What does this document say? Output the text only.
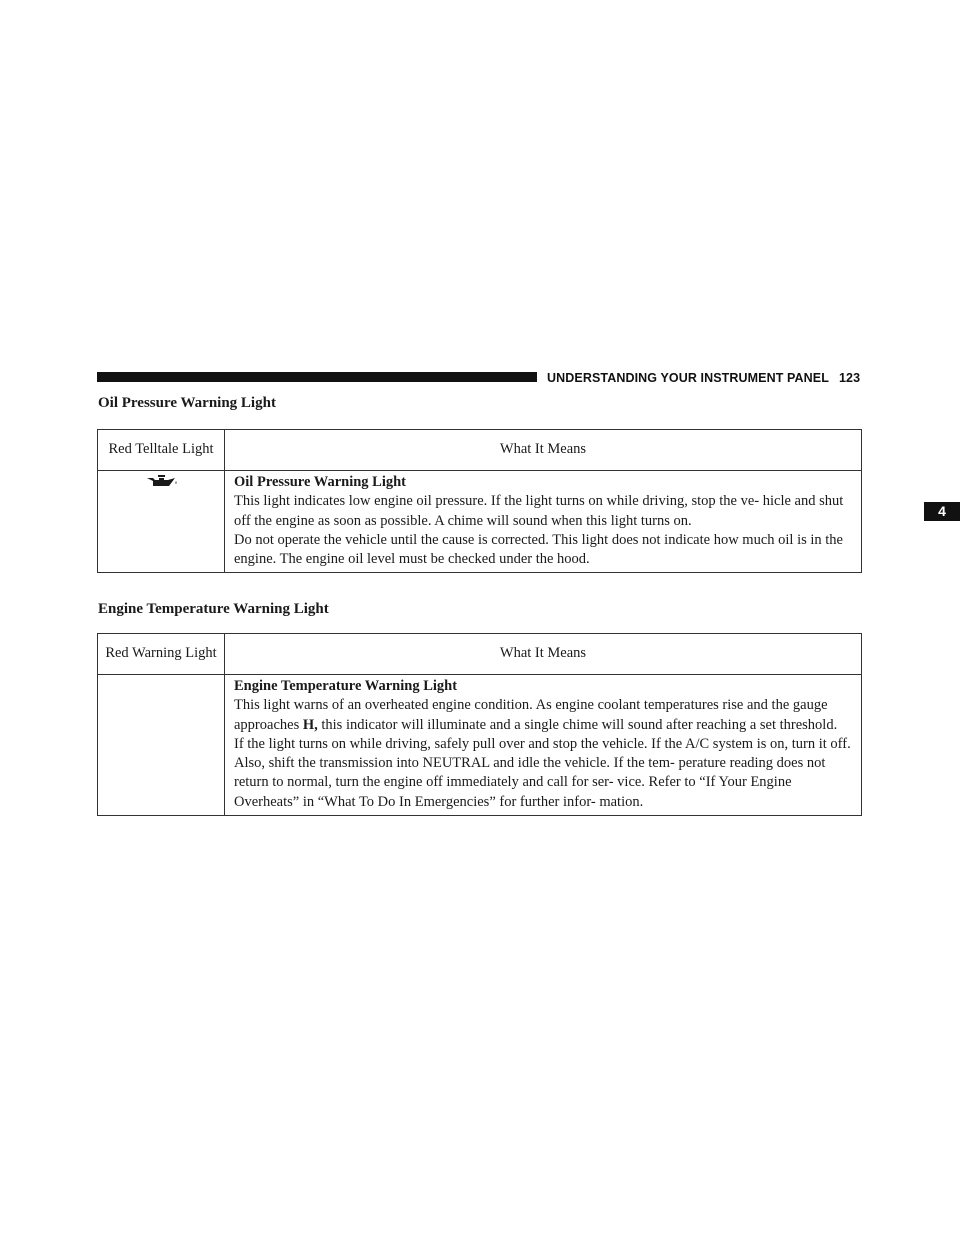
UNDERSTANDING YOUR INSTRUMENT PANEL 123
4
Oil Pressure Warning Light
Red Telltale Light	What It Means

Oil Pressure Warning Light

This light indicates low engine oil pressure. If the light turns on while driving, stop the ve- hicle and shut off the engine as soon as possible. A chime will sound when this light turns on.

Do not operate the vehicle until the cause is corrected. This light does not indicate how much oil is in the engine. The engine oil level must be checked under the hood.

Engine Temperature Warning Light
Red Warning Light	What It Means

	Engine Temperature Warning Light

This light warns of an overheated engine condition. As engine coolant temperatures rise and the gauge approaches H, this indicator will illuminate and a single chime will sound after reaching a set threshold.

If the light turns on while driving, safely pull over and stop the vehicle. If the A/C system is on, turn it off. Also, shift the transmission into NEUTRAL and idle the vehicle. If the tem- perature reading does not return to normal, turn the engine off immediately and call for ser- vice. Refer to “If Your Engine Overheats” in “What To Do In Emergencies” for further infor- mation.
